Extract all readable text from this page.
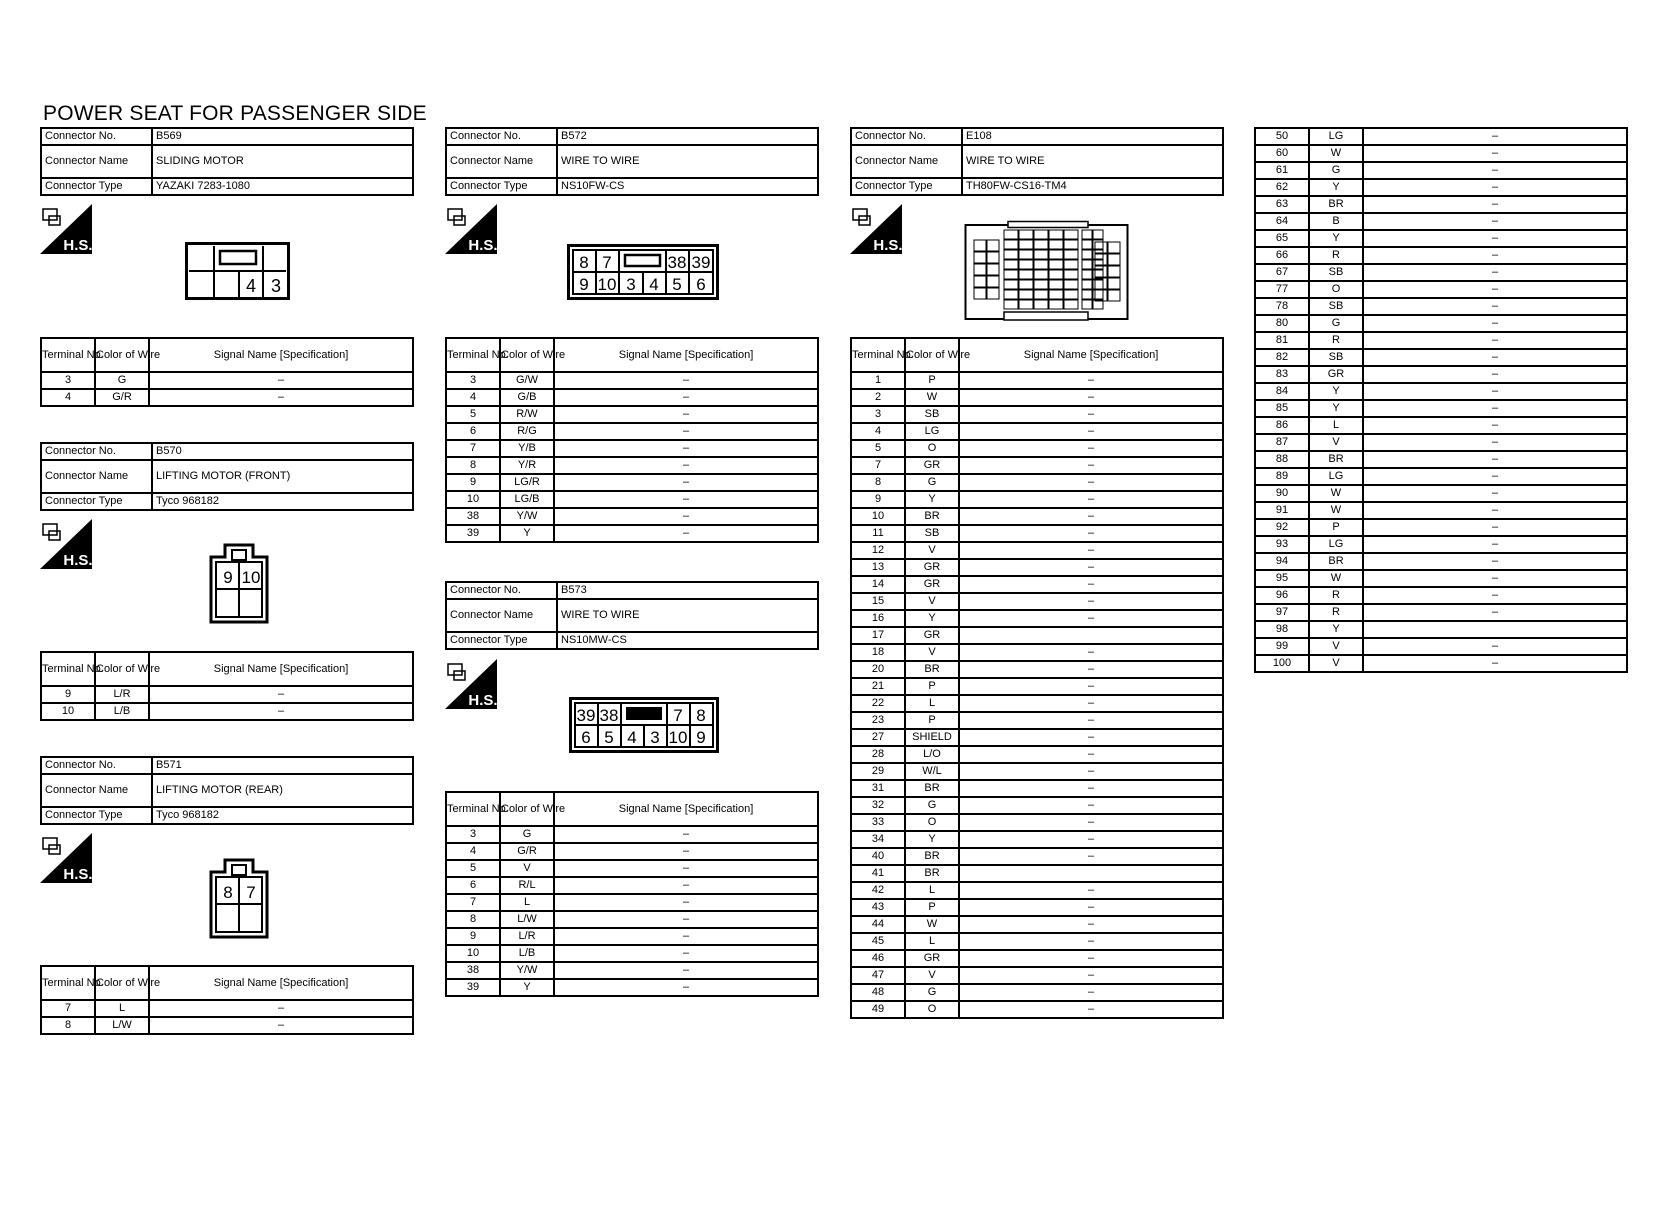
POWER SEAT FOR PASSENGER SIDE
Connector No.	B569
Connector Name	SLIDING MOTOR
Connector Type	YAZAKI 7283-1080
H.S.
4 3
Terminal No.	Color of Wire	Signal Name [Specification]
3	G	–
4	G/R	–
Connector No.	B570
Connector Name	LIFTING MOTOR (FRONT)
Connector Type	Tyco 968182
H.S.
9 10
Terminal No.	Color of Wire	Signal Name [Specification]
9	L/R	–
10	L/B	–
Connector No.	B571
Connector Name	LIFTING MOTOR (REAR)
Connector Type	Tyco 968182
H.S.
8 7
Terminal No.	Color of Wire	Signal Name [Specification]
7	L	–
8	L/W	–
Connector No.	B572
Connector Name	WIRE TO WIRE
Connector Type	NS10FW-CS
H.S.
8 7	38 39
9 10 3 4 5 6
Terminal No.	Color of Wire	Signal Name [Specification]
3	G/W	–
4	G/B	–
5	R/W	–
6	R/G	–
7	Y/B	–
8	Y/R	–
9	LG/R	–
10	LG/B	–
38	Y/W	–
39	Y	–
Connector No.	B573
Connector Name	WIRE TO WIRE
Connector Type	NS10MW-CS
H.S.
39 38	7 8
6 5 4 3 10 9
Terminal No.	Color of Wire	Signal Name [Specification]
3	G	–
4	G/R	–
5	V	–
6	R/L	–
7	L	–
8	L/W	–
9	L/R	–
10	L/B	–
38	Y/W	–
39	Y	–
Connector No.	E108
Connector Name	WIRE TO WIRE
Connector Type	TH80FW-CS16-TM4
H.S.
Terminal No.	Color of Wire	Signal Name [Specification]
1	P	–
2	W	–
3	SB	–
4	LG	–
5	O	–
7	GR	–
8	G	–
9	Y	–
10	BR	–
11	SB	–
12	V	–
13	GR	–
14	GR	–
15	V	–
16	Y	–
17	GR	
18	V	–
20	BR	–
21	P	–
22	L	–
23	P	–
27	SHIELD	–
28	L/O	–
29	W/L	–
31	BR	–
32	G	–
33	O	–
34	Y	–
40	BR	–
41	BR	
42	L	–
43	P	–
44	W	–
45	L	–
46	GR	–
47	V	–
48	G	–
49	O	–
50	LG	–
60	W	–
61	G	–
62	Y	–
63	BR	–
64	B	–
65	Y	–
66	R	–
67	SB	–
77	O	–
78	SB	–
80	G	–
81	R	–
82	SB	–
83	GR	–
84	Y	–
85	Y	–
86	L	–
87	V	–
88	BR	–
89	LG	–
90	W	–
91	W	–
92	P	–
93	LG	–
94	BR	–
95	W	–
96	R	–
97	R	–
98	Y	
99	V	–
100	V	–
